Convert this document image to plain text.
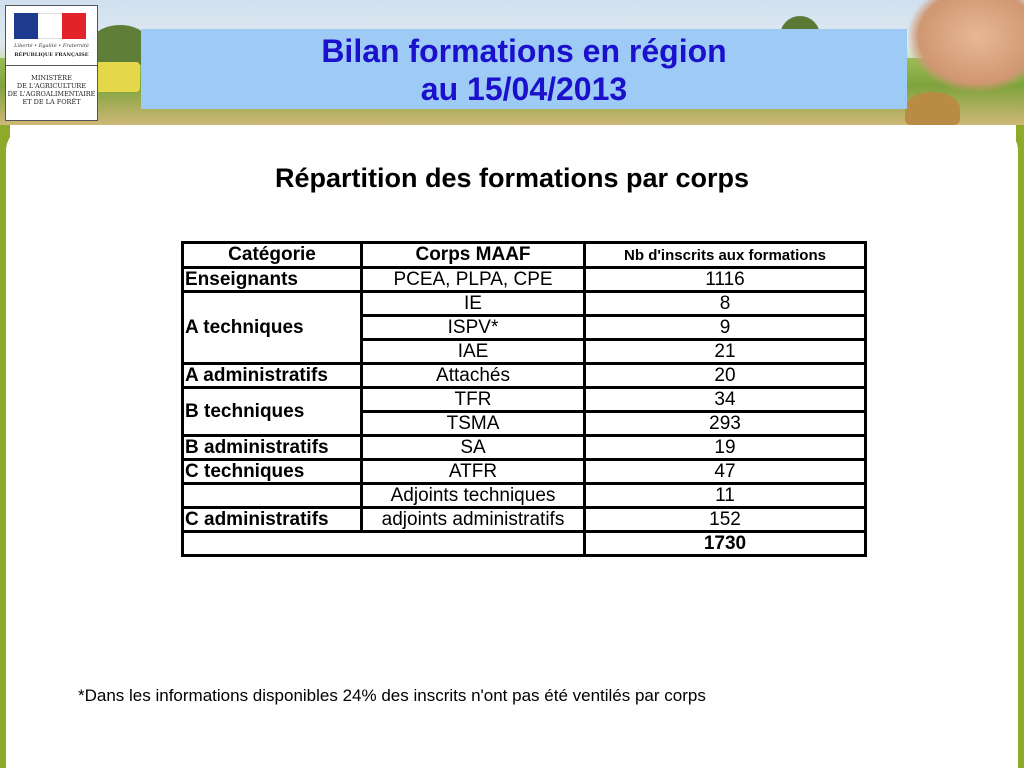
Bilan formations en région
au 15/04/2013
Liberté • Égalité • Fraternité
RÉPUBLIQUE FRANÇAISE
MINISTÈRE
DE L'AGRICULTURE
DE L'AGROALIMENTAIRE
ET DE LA FORÊT
Répartition des formations par corps
Catégorie	Corps MAAF	Nb d'inscrits aux formations
Enseignants	PCEA, PLPA, CPE	1116
A techniques	IE	8
	ISPV*	9
	IAE	21
A administratifs	Attachés	20
B techniques	TFR	34
	TSMA	293
B administratifs	SA	19
C techniques	ATFR	47
	Adjoints techniques	11
C administratifs	adjoints administratifs	152
		1730
*Dans les informations disponibles 24% des inscrits n'ont pas été ventilés par corps
